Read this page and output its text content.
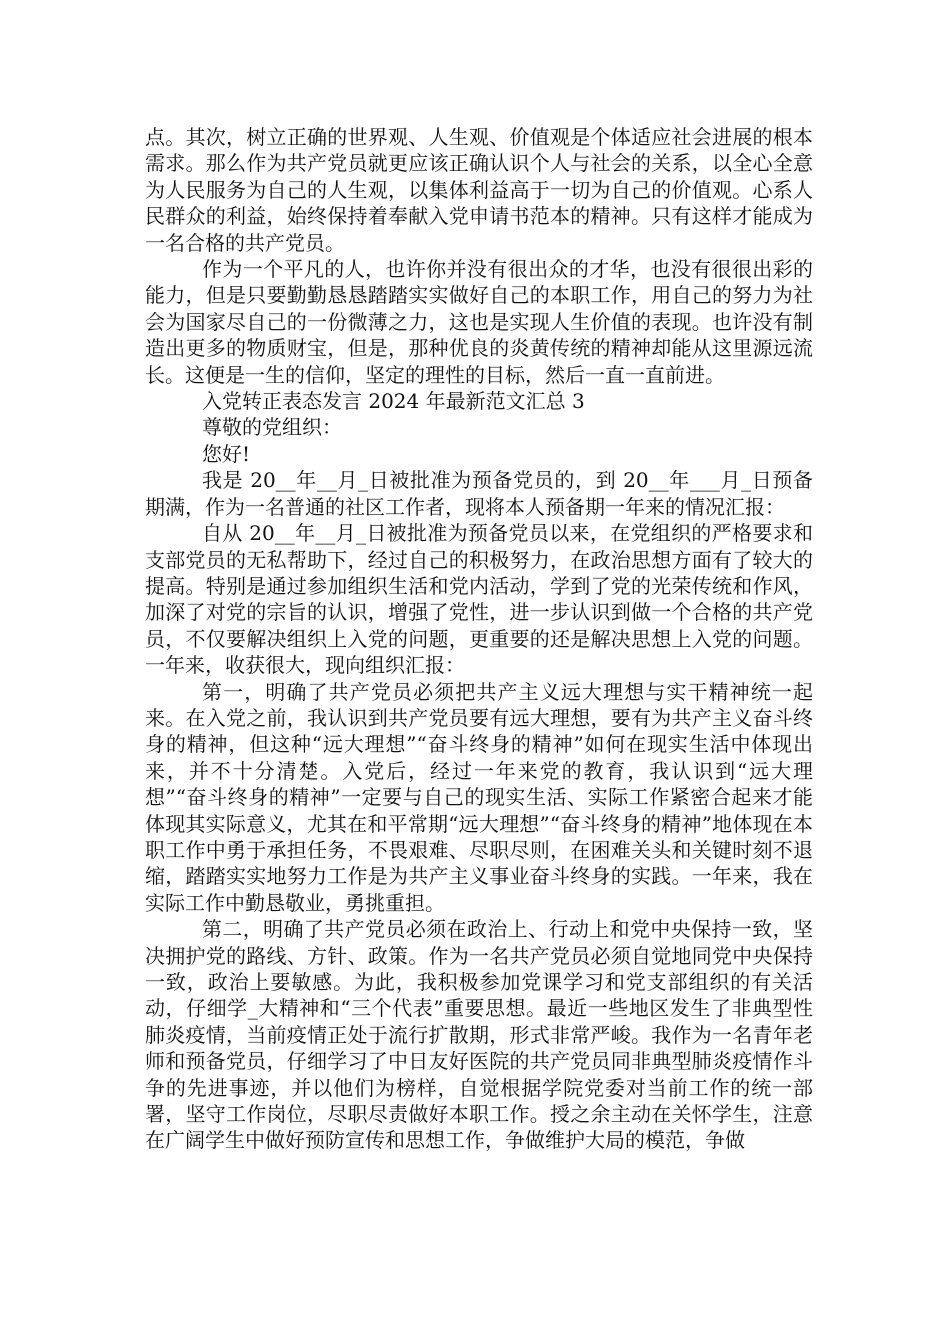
点。其次，树立正确的世界观、人生观、价值观是个体适应社会进展的根本需求。那么作为共产党员就更应该正确认识个人与社会的关系，以全心全意为人民服务为自己的人生观，以集体利益高于一切为自己的价值观。心系人民群众的利益，始终保持着奉献入党申请书范本的精神。只有这样才能成为一名合格的共产党员。

作为一个平凡的人，也许你并没有很出众的才华，也没有很很出彩的能力，但是只要勤勤恳恳踏踏实实做好自己的本职工作，用自己的努力为社会为国家尽自己的一份微薄之力，这也是实现人生价值的表现。也许没有制造出更多的物质财宝，但是，那种优良的炎黄传统的精神却能从这里源远流长。这便是一生的信仰，坚定的理性的目标，然后一直一直前进。

入党转正表态发言 2024 年最新范文汇总 3

尊敬的党组织：

您好!

我是 20__年__月_日被批准为预备党员的，到 20__年___月_日预备期满，作为一名普通的社区工作者，现将本人预备期一年来的情况汇报：

自从 20__年__月_日被批准为预备党员以来，在党组织的严格要求和支部党员的无私帮助下，经过自己的积极努力，在政治思想方面有了较大的提高。特别是通过参加组织生活和党内活动，学到了党的光荣传统和作风，加深了对党的宗旨的认识，增强了党性，进一步认识到做一个合格的共产党员，不仅要解决组织上入党的问题，更重要的还是解决思想上入党的问题。一年来，收获很大，现向组织汇报：

第一，明确了共产党员必须把共产主义远大理想与实干精神统一起来。在入党之前，我认识到共产党员要有远大理想，要有为共产主义奋斗终身的精神，但这种“远大理想”“奋斗终身的精神”如何在现实生活中体现出来，并不十分清楚。入党后，经过一年来党的教育，我认识到“远大理想”“奋斗终身的精神”一定要与自己的现实生活、实际工作紧密合起来才能体现其实际意义，尤其在和平常期“远大理想”“奋斗终身的精神”地体现在本职工作中勇于承担任务，不畏艰难、尽职尽则，在困难关头和关键时刻不退缩，踏踏实实地努力工作是为共产主义事业奋斗终身的实践。一年来，我在实际工作中勤恳敬业，勇挑重担。

第二，明确了共产党员必须在政治上、行动上和党中央保持一致，坚决拥护党的路线、方针、政策。作为一名共产党员必须自觉地同党中央保持一致，政治上要敏感。为此，我积极参加党课学习和党支部组织的有关活动，仔细学_大精神和“三个代表”重要思想。最近一些地区发生了非典型性肺炎疫情，当前疫情正处于流行扩散期，形式非常严峻。我作为一名青年老师和预备党员，仔细学习了中日友好医院的共产党员同非典型肺炎疫情作斗争的先进事迹，并以他们为榜样，自觉根据学院党委对当前工作的统一部署，坚守工作岗位，尽职尽责做好本职工作。授之余主动在关怀学生，注意在广阔学生中做好预防宣传和思想工作，争做维护大局的模范，争做
